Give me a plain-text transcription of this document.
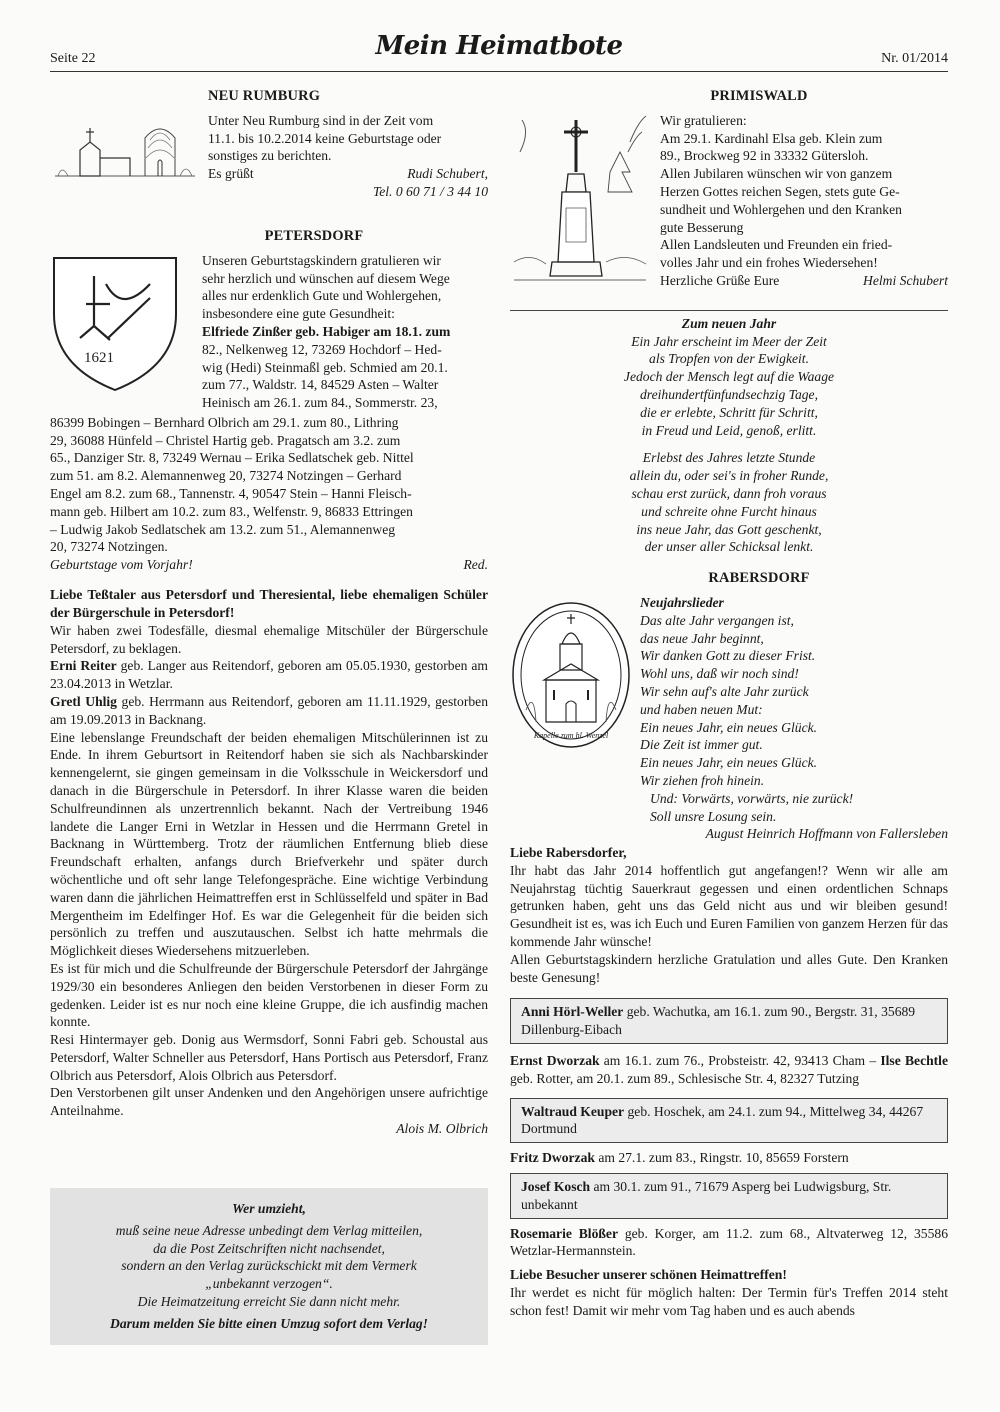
Seite 22	Mein Heimatbote	Nr. 01/2014

NEU RUMBURG

Unter Neu Rumburg sind in der Zeit vom

11.1. bis 10.2.2014 keine Geburtstage oder

sonstiges zu berichten.

Es grüßt	Rudi Schubert,

Tel. 0 60 71 / 3 44 10

PETERSDORF

1621

Unseren Geburtstagskindern gratulieren wir

sehr herzlich und wünschen auf diesem Wege

alles nur erdenklich Gute und Wohlergehen,

insbesondere eine gute Gesundheit:

Elfriede Zinßer geb. Habiger am 18.1. zum

82., Nelkenweg 12, 73269 Hochdorf – Hed-

wig (Hedi) Steinmaßl geb. Schmied am 20.1.

zum 77., Waldstr. 14, 84529 Asten – Walter

Heinisch am 26.1. zum 84., Sommerstr. 23,

86399 Bobingen – Bernhard Olbrich am 29.1. zum 80., Lithring

29, 36088 Hünfeld – Christel Hartig geb. Pragatsch am 3.2. zum

65., Danziger Str. 8, 73249 Wernau – Erika Sedlatschek geb. Nittel

zum 51. am 8.2. Alemannenweg 20, 73274 Notzingen – Gerhard

Engel am 8.2. zum 68., Tannenstr. 4, 90547 Stein – Hanni Fleisch-

mann geb. Hilbert am 10.2. zum 83., Welfenstr. 9, 86833 Ettringen

– Ludwig Jakob Sedlatschek am 13.2. zum 51., Alemannenweg

20, 73274 Notzingen.

Geburtstage vom Vorjahr!	Red.

Liebe Teßtaler aus Petersdorf und Theresiental, liebe ehemaligen Schüler der Bürgerschule in Petersdorf!

Wir haben zwei Todesfälle, diesmal ehemalige Mitschüler der Bürgerschule Petersdorf, zu beklagen.

Erni Reiter geb. Langer aus Reitendorf, geboren am 05.05.1930, gestorben am 23.04.2013 in Wetzlar.

Gretl Uhlig geb. Herrmann aus Reitendorf, geboren am 11.11.1929, gestorben am 19.09.2013 in Backnang.

Eine lebenslange Freundschaft der beiden ehemaligen Mitschülerinnen ist zu Ende. In ihrem Geburtsort in Reitendorf haben sie sich als Nachbarskinder kennengelernt, sie gingen gemeinsam in die Volksschule in Weickersdorf und danach in die Bürgerschule in Petersdorf. In ihrer Klasse waren die beiden Schulfreundinnen als unzertrennlich bekannt. Nach der Vertreibung 1946 landete die Langer Erni in Wetzlar in Hessen und die Herrmann Gretel in Backnang in Württemberg. Trotz der räumlichen Entfernung blieb diese Freundschaft erhalten, anfangs durch Briefverkehr und später durch wöchentliche und oft sehr lange Telefongespräche. Eine wichtige Verbindung waren dann die jährlichen Heimattreffen erst in Schlüsselfeld und später in Bad Mergentheim im Edelfinger Hof. Es war die Gelegenheit für die beiden sich persönlich zu treffen und auszutauschen. Selbst ich hatte mehrmals die Möglichkeit dieses Wiedersehens mitzuerleben.

Es ist für mich und die Schulfreunde der Bürgerschule Petersdorf der Jahrgänge 1929/30 ein besonderes Anliegen den beiden Verstorbenen in dieser Form zu gedenken. Leider ist es nur noch eine kleine Gruppe, die ich ausfindig machen konnte.

Resi Hintermayer geb. Donig aus Wermsdorf, Sonni Fabri geb. Schoustal aus Petersdorf, Walter Schneller aus Petersdorf, Hans Portisch aus Petersdorf, Franz Olbrich aus Petersdorf, Alois Olbrich aus Petersdorf.

Den Verstorbenen gilt unser Andenken und den Angehörigen unsere aufrichtige Anteilnahme.

Alois M. Olbrich

Wer umzieht,

muß seine neue Adresse unbedingt dem Verlag mitteilen,

da die Post Zeitschriften nicht nachsendet,

sondern an den Verlag zurückschickt mit dem Vermerk

„unbekannt verzogen“.

Die Heimatzeitung erreicht Sie dann nicht mehr.

Darum melden Sie bitte einen Umzug sofort dem Verlag!

PRIMISWALD

Wir gratulieren:

Am 29.1. Kardinahl Elsa geb. Klein zum

89., Brockweg 92 in 33332 Gütersloh.

Allen Jubilaren wünschen wir von ganzem

Herzen Gottes reichen Segen, stets gute Ge-

sundheit und Wohlergehen und den Kranken

gute Besserung

Allen Landsleuten und Freunden ein fried-

volles Jahr und ein frohes Wiedersehen!

Herzliche Grüße Eure	Helmi Schubert

Zum neuen Jahr

Ein Jahr erscheint im Meer der Zeit

als Tropfen von der Ewigkeit.

Jedoch der Mensch legt auf die Waage

dreihundertfünfundsechzig Tage,

die er erlebte, Schritt für Schritt,

in Freud und Leid, genoß, erlitt.

Erlebst des Jahres letzte Stunde

allein du, oder sei's in froher Runde,

schau erst zurück, dann froh voraus

und schreite ohne Furcht hinaus

ins neue Jahr, das Gott geschenkt,

der unser aller Schicksal lenkt.

RABERSDORF

Kapelle zum hl. Wenzel

Neujahrslieder

Das alte Jahr vergangen ist,

das neue Jahr beginnt,

Wir danken Gott zu dieser Frist.

Wohl uns, daß wir noch sind!

Wir sehn auf's alte Jahr zurück

und haben neuen Mut:

Ein neues Jahr, ein neues Glück.

Die Zeit ist immer gut.

Ein neues Jahr, ein neues Glück.

Wir ziehen froh hinein.

Und: Vorwärts, vorwärts, nie zurück!

Soll unsre Losung sein.

August Heinrich Hoffmann von Fallersleben

Liebe Rabersdorfer,

Ihr habt das Jahr 2014 hoffentlich gut angefangen!? Wenn wir alle am Neujahrstag tüchtig Sauerkraut gegessen und einen ordentlichen Schnaps getrunken haben, geht uns das Geld nicht aus und wir bleiben gesund! Gesundheit ist es, was ich Euch und Euren Familien von ganzem Herzen für das kommende Jahr wünsche!

Allen Geburtstagskindern herzliche Gratulation und alles Gute. Den Kranken beste Genesung!

Anni Hörl-Weller geb. Wachutka, am 16.1. zum 90., Bergstr. 31, 35689 Dillenburg-Eibach

Ernst Dworzak am 16.1. zum 76., Probsteistr. 42, 93413 Cham – Ilse Bechtle geb. Rotter, am 20.1. zum 89., Schlesische Str. 4, 82327 Tutzing

Waltraud Keuper geb. Hoschek, am 24.1. zum 94., Mittelweg 34, 44267 Dortmund

Fritz Dworzak am 27.1. zum 83., Ringstr. 10, 85659 Forstern

Josef Kosch am 30.1. zum 91., 71679 Asperg bei Ludwigsburg, Str. unbekannt

Rosemarie Blößer geb. Korger, am 11.2. zum 68., Altvaterweg 12, 35586 Wetzlar-Hermannstein.

Liebe Besucher unserer schönen Heimattreffen!

Ihr werdet es nicht für möglich halten: Der Termin für's Treffen 2014 steht schon fest! Damit wir mehr vom Tag haben und es auch abends
